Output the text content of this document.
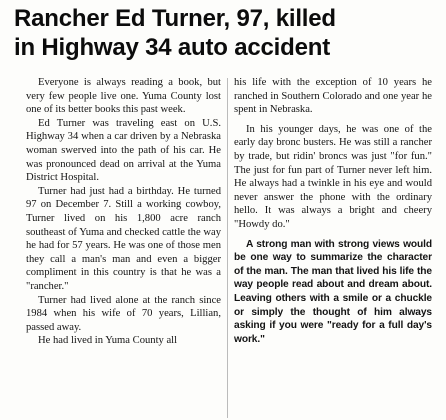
Rancher Ed Turner, 97, killed
in Highway 34 auto accident

Everyone is always reading a book, but very few people live one. Yuma County lost one of its better books this past week.

Ed Turner was traveling east on U.S. Highway 34 when a car driven by a Nebraska woman swerved into the path of his car. He was pronounced dead on arrival at the Yuma District Hospital.

Turner had just had a birthday. He turned 97 on December 7. Still a working cowboy, Turner lived on his 1,800 acre ranch southeast of Yuma and checked cattle the way he had for 57 years. He was one of those men they call a man's man and even a bigger compliment in this country is that he was a "rancher."

Turner had lived alone at the ranch since 1984 when his wife of 70 years, Lillian, passed away.

He had lived in Yuma County all

his life with the exception of 10 years he ranched in Southern Colorado and one year he spent in Nebraska.

In his younger days, he was one of the early day bronc busters. He was still a rancher by trade, but ridin' broncs was just "for fun." The just for fun part of Turner never left him. He always had a twinkle in his eye and would never answer the phone with the ordinary hello. It was always a bright and cheery "Howdy do."

A strong man with strong views would be one way to summarize the character of the man. The man that lived his life the way people read about and dream about. Leaving others with a smile or a chuckle or simply the thought of him always asking if you were "ready for a full day's work."
